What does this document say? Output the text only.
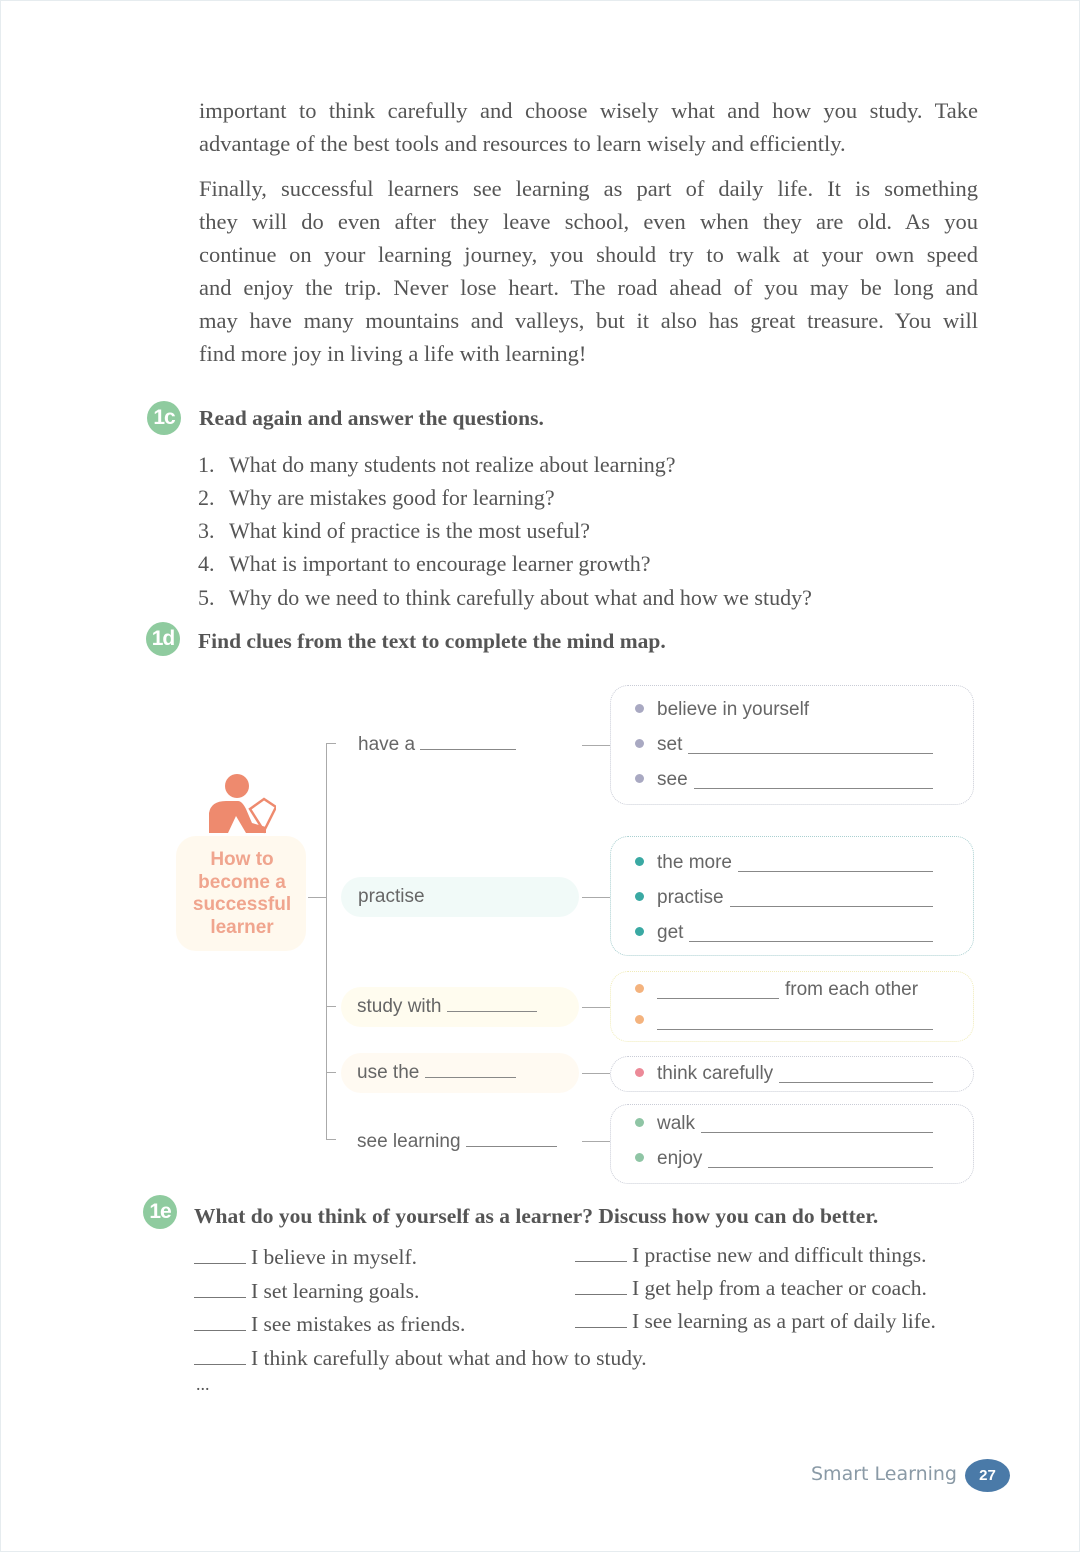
important to think carefully and choose wisely what and how you study. Take
advantage of the best tools and resources to learn wisely and efficiently.
Finally, successful learners see learning as part of daily life. It is something
they will do even after they leave school, even when they are old. As you
continue on your learning journey, you should try to walk at your own speed
and enjoy the trip. Never lose heart. The road ahead of you may be long and
may have many mountains and valleys, but it also has great treasure. You will
find more joy in living a life with learning!
1c Read again and answer the questions.
1. What do many students not realize about learning?
2. Why are mistakes good for learning?
3. What kind of practice is the most useful?
4. What is important to encourage learner growth?
5. Why do we need to think carefully about what and how we study?
1d Find clues from the text to complete the mind map.
How to
become a
successful
learner
have a
practise
study with
use the
see learning
believe in yourself
set
see
the more
practise
get
from each other
think carefully
walk
enjoy
1e What do you think of yourself as a learner? Discuss how you can do better.
I believe in myself.
I set learning goals.
I see mistakes as friends.
I think carefully about what and how to study.
I practise new and difficult things.
I get help from a teacher or coach.
I see learning as a part of daily life.
...
Smart Learning	27
